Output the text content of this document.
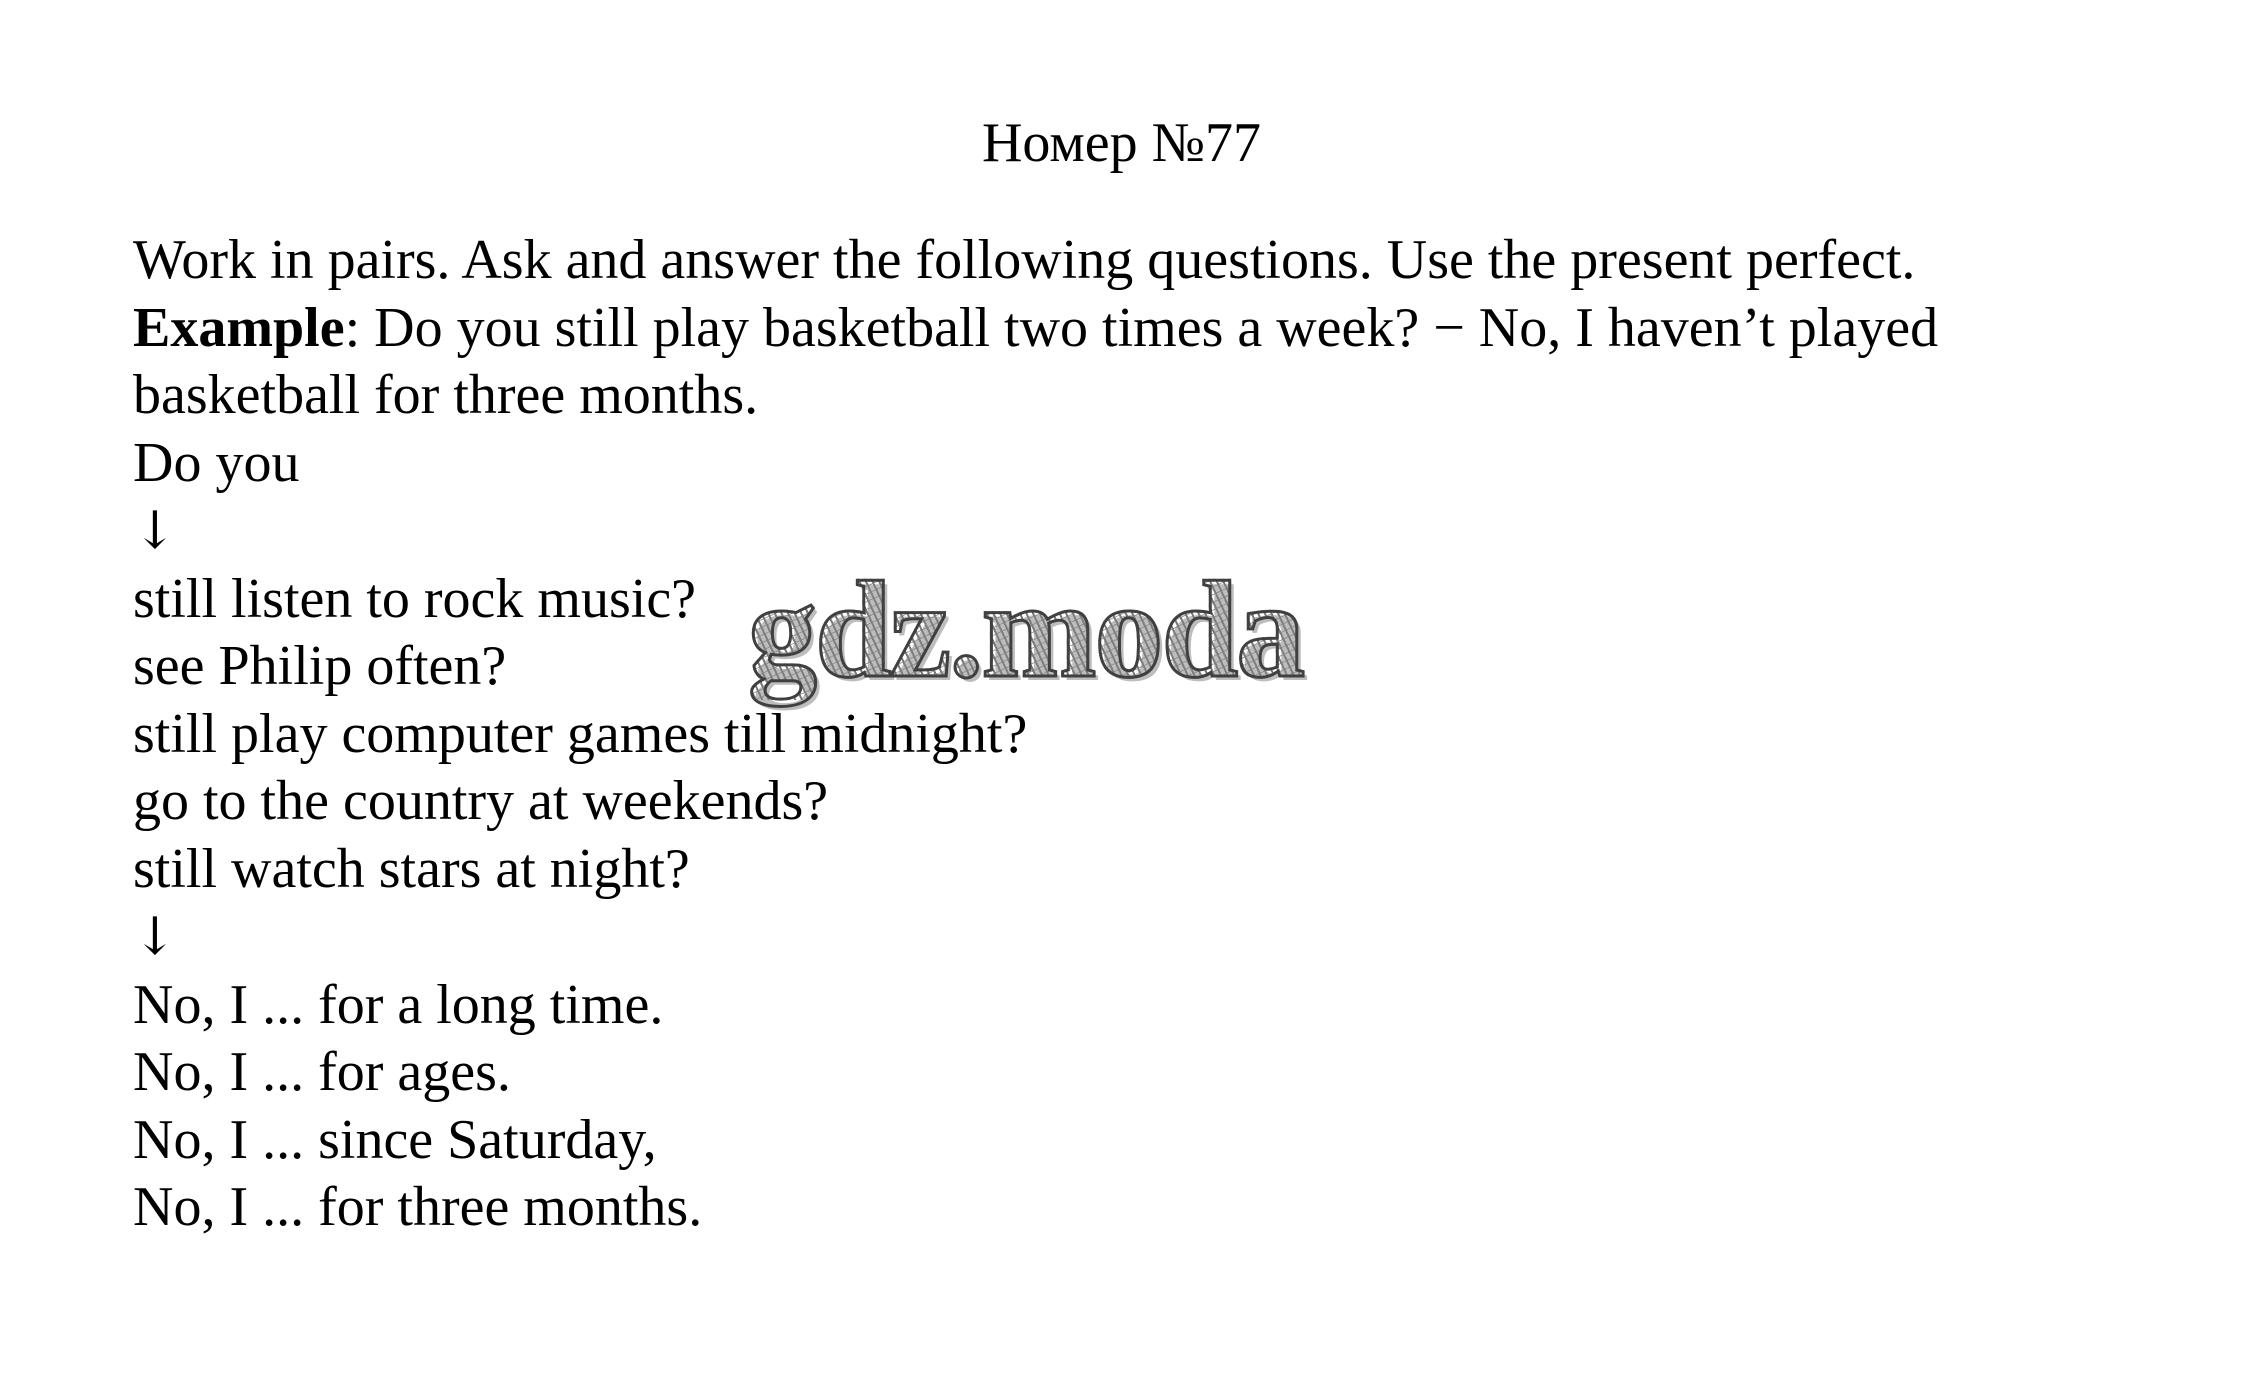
Номер №77
Work in pairs. Ask and answer the following questions. Use the present perfect.
Example: Do you still play basketball two times a week? − No, I haven’t played
basketball for three months.
Do you
↓
still listen to rock music?
see Philip often?
still play computer games till midnight?
go to the country at weekends?
still watch stars at night?
↓
No, I ... for a long time.
No, I ... for ages.
No, I ... since Saturday,
No, I ... for three months.
gdz.moda
